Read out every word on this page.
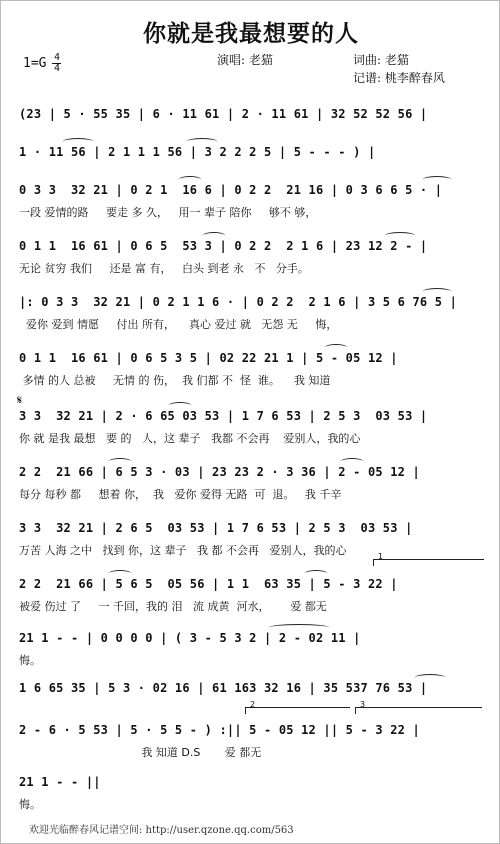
你就是我最想要的人
1=G 4
4
演唱: 老猫	词曲: 老猫
记谱: 桃李醉春风
(23 | 5 · 55 35 | 6 · 11 61 | 2 · 11 61 | 32 52 52 56 |
1 · 11 56 | 2 1 1 1 56 | 3 2 2 2 5 | 5 - - - ) |
0 3 3  32 21 | 0 2 1  16 6 | 0 2 2  21 16 | 0 3 6 6 5 · |
一段 爱情的路     要走 多 久，   用一 辈子 陪你     够不 够，
0 1 1  16 61 | 0 6 5  53 3 | 0 2 2  2 1 6 | 23 12 2 - |
无论 贫穷 我们     还是 富 有，   白头 到老 永   不   分手。
|: 0 3 3  32 21 | 0 2 1 1 6 · | 0 2 2  2 1 6 | 3 5 6 76 5 |
爱你 爱到 情愿     付出 所有，    真心 爱过 就   无怨 无     悔，
0 1 1  16 61 | 0 6 5 3 5 | 02 22 21 1 | 5 - 05 12 |
多情 的人 总被     无情 的 伤，  我 们都 不  怪  谁。    我 知道
𝄋
3 3  32 21 | 2 · 6 65 03 53 | 1 7 6 53 | 2 5 3  03 53 |
你 就 是我 最想   要 的   人，这 辈子   我都 不会再    爱别人，我的心
2 2  21 66 | 6 5 3 · 03 | 23 23 2 · 3 36 | 2 - 05 12 |
每分 每秒 都     想着 你，  我   爱你 爱得 无路  可  退。   我 千辛
3 3  32 21 | 2 6 5  03 53 | 1 7 6 53 | 2 5 3  03 53 |
万苦 人海 之中   找到 你，这 辈子   我 都 不会再   爱别人，我的心	1
2 2  21 66 | 5 6 5  05 56 | 1 1  63 35 | 5 - 3 22 |
被爱 伤过 了     一 千回，我的 泪   流 成黄  河水，      爱 都无
21 1 - - | 0 0 0 0 | ( 3 - 5 3 2 | 2 - 02 11 |
悔。
1 6 65 35 | 5 3 · 02 16 | 61 163 32 16 | 35 537 76 53 |
2	3
2 - 6 · 5 53 | 5 · 5 5 - ) :|| 5 - 05 12 || 5 - 3 22 |
我 知道 D.S       爱 都无
21 1 - - ||
悔。
欢迎光临醉春风记谱空间: http://user.qzone.qq.com/563
